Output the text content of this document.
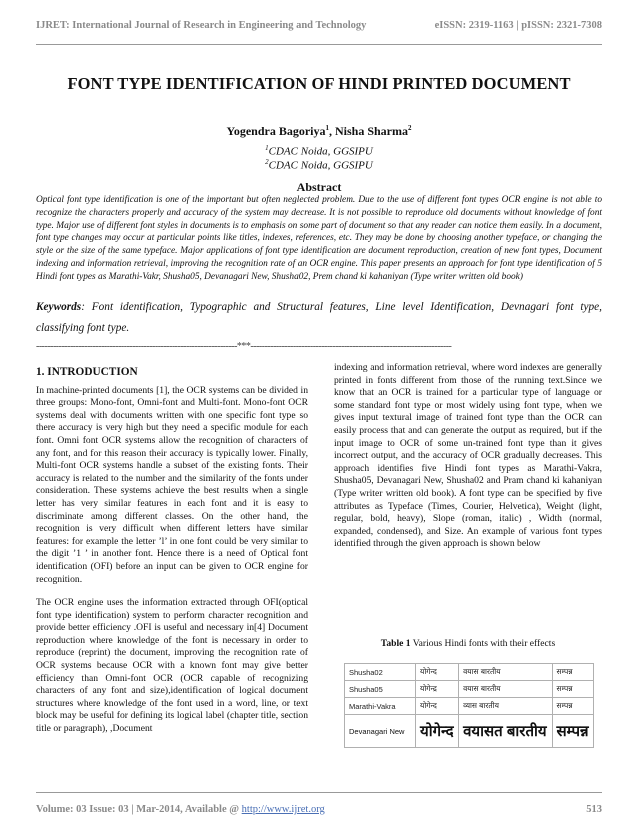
IJRET: International Journal of Research in Engineering and Technology	eISSN: 2319-1163 | pISSN: 2321-7308
FONT TYPE IDENTIFICATION OF HINDI PRINTED DOCUMENT
Yogendra Bagoriya$^1$, Nisha Sharma$^2$
$^1$CDAC Noida, GGSIPU
$^2$CDAC Noida, GGSIPU
Abstract
Optical font type identification is one of the important but often neglected problem. Due to the use of different font types OCR engine is not able to recognize the characters properly and accuracy of the system may decrease. It is not possible to reproduce old documents without knowledge of font type. Major use of different font styles in documents is to emphasis on some part of document so that any reader can notice them easily. In a document, font type changes may occur at particular points like titles, indexes, references, etc. They may be done by choosing another typeface, or changing the style or the size of the same typeface. Major applications of font type identification are document reproduction, creation of new font types, Document indexing and information retrieval, improving the recognition rate of an OCR engine. This paper presents an approach for font type identification of 5 Hindi font types as Marathi-Vakr, Shusha05, Devanagari New, Shusha02, Prem chand ki kahaniyan (Type writer written old book)
Keywords: Font identification, Typographic and Structural features, Line level Identification, Devnagari font type, classifying font type.
-----------------------------------------------------------------------***-----------------------------------------------------------------------
1. INTRODUCTION

In machine-printed documents [1], the OCR systems can be divided in three groups: Mono-font, Omni-font and Multi-font. Mono-font OCR systems deal with documents written with one specific font type so there accuracy is very high but they need a specific module for each font. Omni font OCR systems allow the recognition of characters of any font, and for this reason their accuracy is typically lower. Finally, Multi-font OCR systems handle a subset of the existing fonts. Their accuracy is related to the number and the similarity of the fonts under consideration. These systems achieve the best results when a single letter has very similar features in each font and it is easy to discriminate among different classes. On the other hand, the recognition is very difficult when different letters have similar features: for example the letter ’l’ in one font could be very similar to the digit ’1 ’ in another font. Hence there is a need of Optical font identification (OFI) before an input can be given to OCR engine for recognition.

The OCR engine uses the information extracted through OFI(optical font type identification) system to perform character recognition and provide better efficiency .OFI is useful and necessary in[4] Document reproduction where knowledge of the font is necessary in order to reproduce (reprint) the document, improving the recognition rate of OCR systems because OCR with a known font may give better efficiency than Omni-font OCR (OCR capable of recognizing characters of any font and size),identification of logical document structures where knowledge of the font used in a word, line, or text block may be useful for defining its logical label (chapter title, section title or paragraph), ,Document

indexing and information retrieval, where word indexes are generally printed in fonts different from those of the running text.Since we know that an OCR is trained for a particular type of language or some standard font type or most widely using font type, when we gives input textural image of trained font type than the OCR can easily process that and can generate the output as required, but if the input image to OCR of some un-trained font type than it gives incorrect output, and the accuracy of OCR gradually decreases. This approach identifies five Hindi font types as Marathi-Vakra, Shusha05, Devanagari New, Shusha02 and Pram chand ki kahaniyan (Type writer written old book). A font type can be specified by five attributes as Typeface (Times, Courier, Helvetica), Weight (light, regular, bold, heavy), Slope (roman, italic) , Width (normal, expanded, condensed), and Size. An example of various font types identified through the given approach is shown below

Table 1 Various Hindi fonts with their effects
Shusha02	योगेन्द	वयास बारतीय	सम्पन्न
Shusha05	योगेन्द्र	वयास बारतीय	सम्पन्न
Marathi-Vakra	योगेन्द	व्यास बारतीय	सम्पन्न
Devanagari New	योगेन्द	वयासत बारतीय	सम्पन्न
Volume: 03 Issue: 03 | Mar-2014, Available @ http://www.ijret.org	513
